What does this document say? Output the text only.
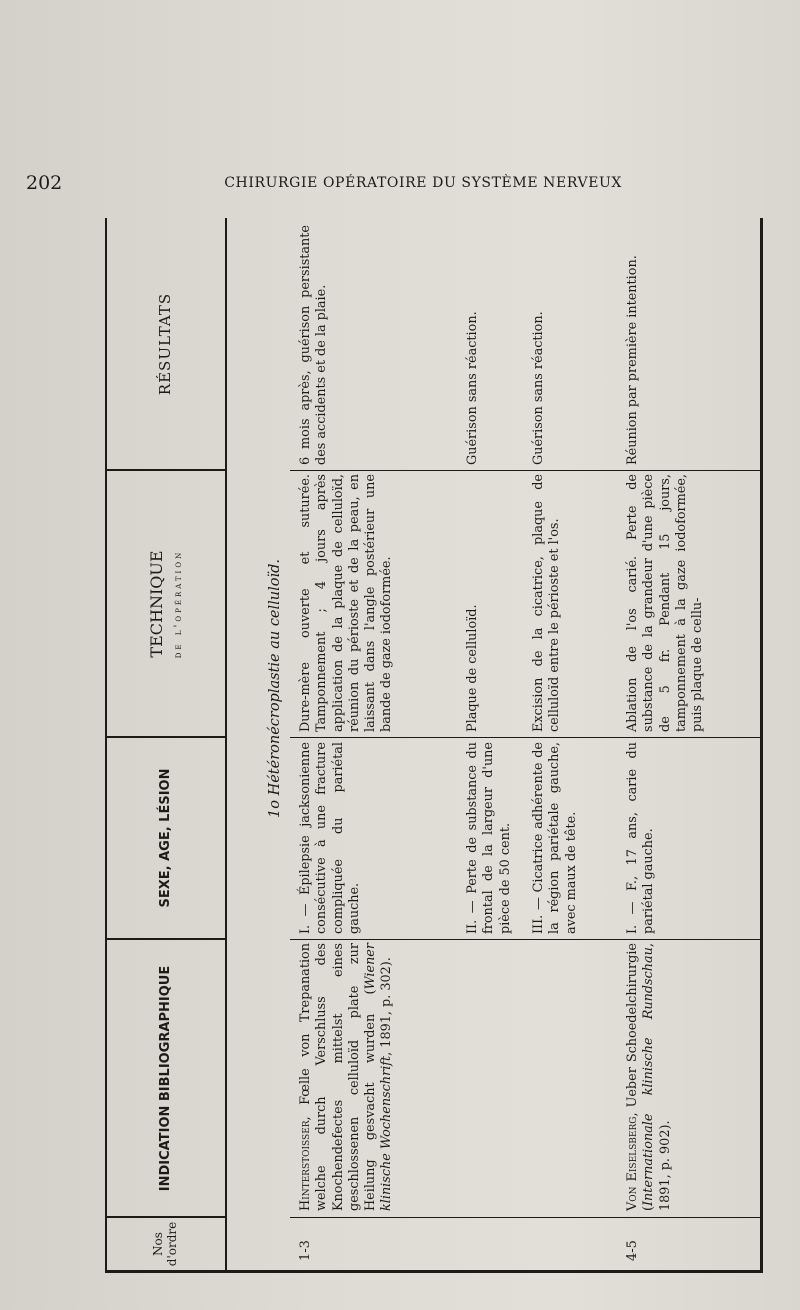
202	CHIRURGIE OPÉRATOIRE DU SYSTÈME NERVEUX
Nos d'ordre
INDICATION BIBLIOGRAPHIQUE
SEXE, AGE, LÉSION
TECHNIQUE de l'opération
RÉSULTATS
1o Hétéronécroplastie au celluloïd.
1-3
Hinterstoisser, Fœlle von Trepanation welche durch Verschluss des Knochendefectes mittelst eines geschlossenen celluloïd plate zur Heilung gesvacht wurden (Wiener klinische Wochenschrift, 1891, p. 302).
I. — Épilepsie jacksonienne consécutive à une fracture compliquée du pariétal gauche.
Dure-mère ouverte et suturée. Tamponnement ; 4 jours après application de la plaque de celluloïd, réunion du périoste et de la peau, en laissant dans l'angle postérieur une bande de gaze iodoformée.
6 mois après, guérison persistante des accidents et de la plaie.
II. — Perte de substance du frontal de la largeur d'une pièce de 50 cent.
Plaque de celluloïd.
Guérison sans réaction.
III. — Cicatrice adhérente de la région pariétale gauche, avec maux de tête.
Excision de la cicatrice, plaque de celluloïd entre le périoste et l'os.
Guérison sans réaction.
4-5
Von Eiselsberg, Ueber Schoedelchirurgie (Internationale klinische Rundschau, 1891, p. 902).
I. — F., 17 ans, carie du pariétal gauche.
Ablation de l'os carié. Perte de substance de la grandeur d'une pièce de 5 fr. Pendant 15 jours, tamponnement à la gaze iodoformée, puis plaque de cellu-
Réunion par première intention.
